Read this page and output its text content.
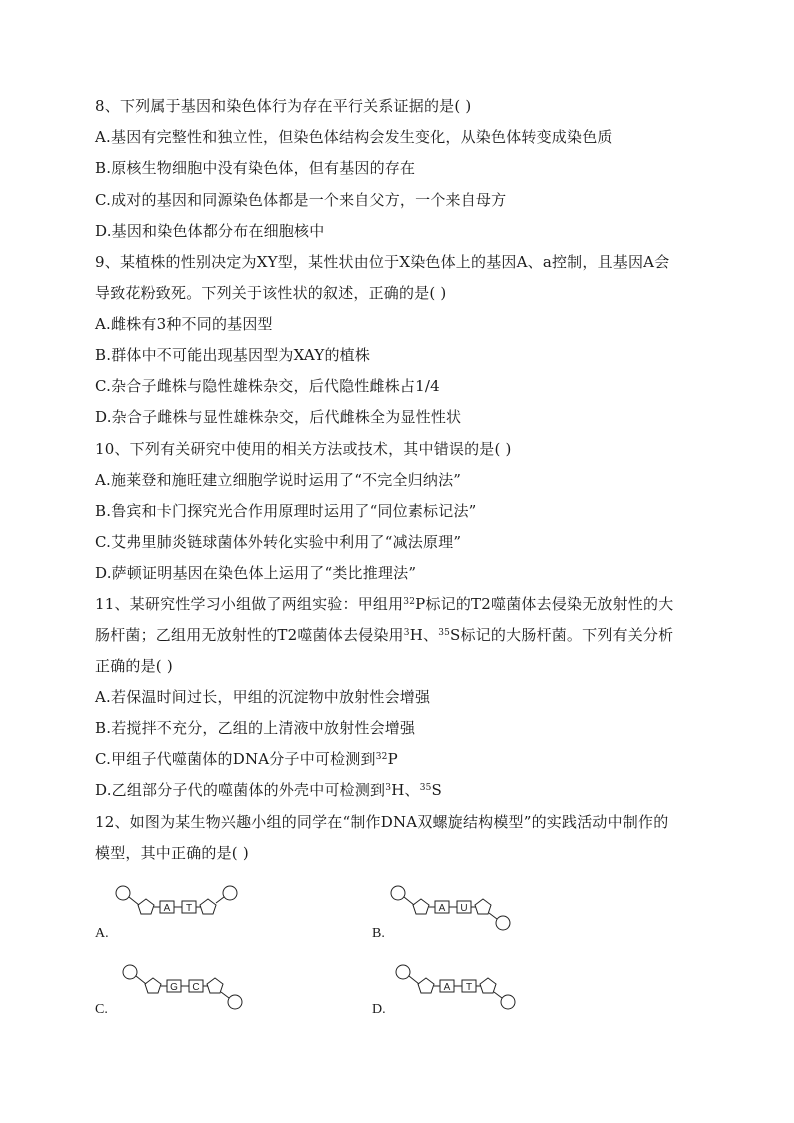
8、下列属于基因和染色体行为存在平行关系证据的是( )
A.基因有完整性和独立性，但染色体结构会发生变化，从染色体转变成染色质
B.原核生物细胞中没有染色体，但有基因的存在
C.成对的基因和同源染色体都是一个来自父方，一个来自母方
D.基因和染色体都分布在细胞核中
9、某植株的性别决定为XY型，某性状由位于X染色体上的基因A、a控制，且基因A会
导致花粉致死。下列关于该性状的叙述，正确的是( )
A.雌株有3种不同的基因型
B.群体中不可能出现基因型为XAY的植株
C.杂合子雌株与隐性雄株杂交，后代隐性雌株占1/4
D.杂合子雌株与显性雄株杂交，后代雌株全为显性性状
10、下列有关研究中使用的相关方法或技术，其中错误的是( )
A.施莱登和施旺建立细胞学说时运用了“不完全归纳法”
B.鲁宾和卡门探究光合作用原理时运用了“同位素标记法”
C.艾弗里肺炎链球菌体外转化实验中利用了“减法原理”
D.萨顿证明基因在染色体上运用了“类比推理法”
11、某研究性学习小组做了两组实验：甲组用$^{32}$P标记的T2噬菌体去侵染无放射性的大
肠杆菌；乙组用无放射性的T2噬菌体去侵染用$^3$H、$^{35}$S标记的大肠杆菌。下列有关分析
正确的是( )
A.若保温时间过长，甲组的沉淀物中放射性会增强
B.若搅拌不充分，乙组的上清液中放射性会增强
C.甲组子代噬菌体的DNA分子中可检测到$^{32}$P
D.乙组部分子代的噬菌体的外壳中可检测到$^3$H、$^{35}$S
12、如图为某生物兴趣小组的同学在“制作DNA双螺旋结构模型”的实践活动中制作的
模型，其中正确的是( )
A.
A T
B.
A U
C.
G C
D.
A T
